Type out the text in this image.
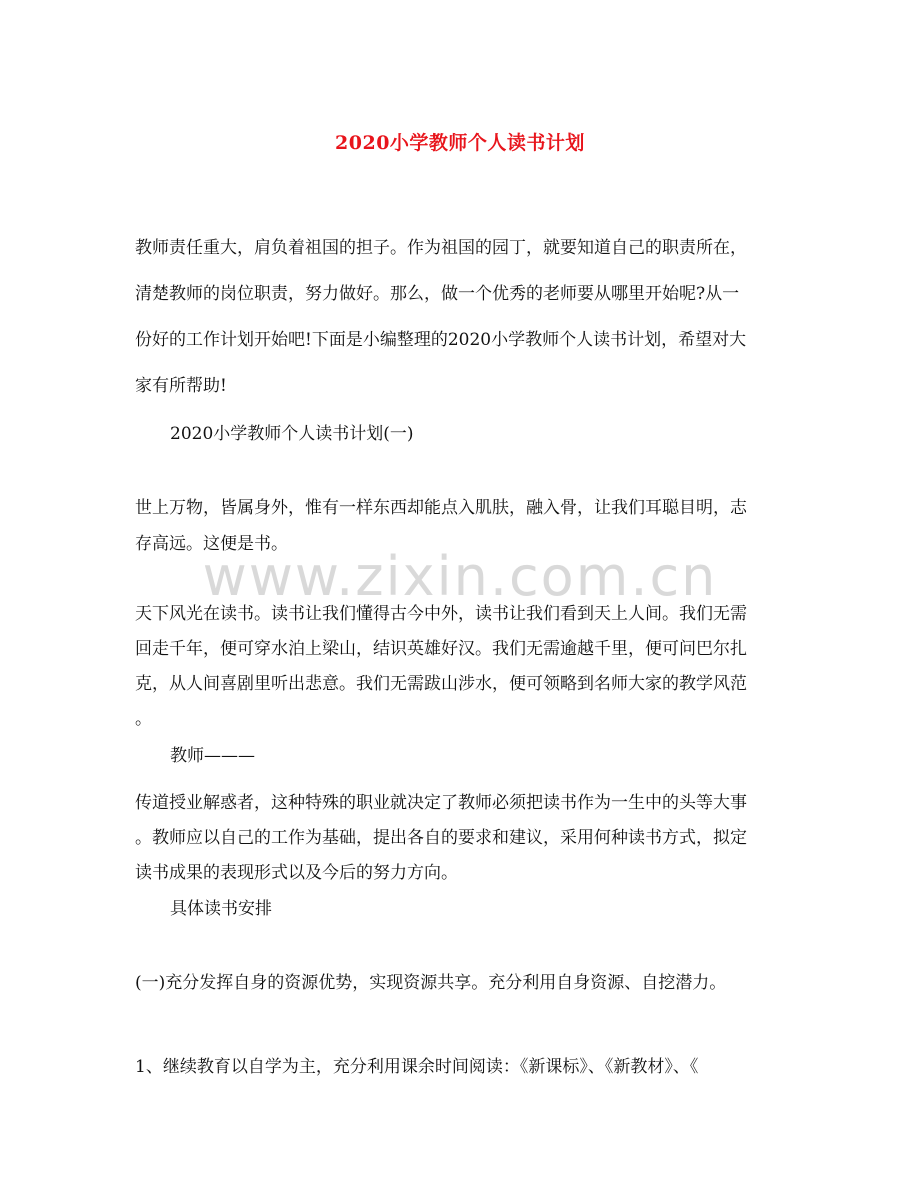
www.zixin.com.cn
2020小学教师个人读书计划
教师责任重大，肩负着祖国的担子。作为祖国的园丁，就要知道自己的职责所在，
清楚教师的岗位职责，努力做好。那么，做一个优秀的老师要从哪里开始呢?从一
份好的工作计划开始吧!下面是小编整理的2020小学教师个人读书计划，希望对大
家有所帮助!
2020小学教师个人读书计划(一)
世上万物，皆属身外，惟有一样东西却能点入肌肤，融入骨，让我们耳聪目明，志
存高远。这便是书。
天下风光在读书。读书让我们懂得古今中外，读书让我们看到天上人间。我们无需
回走千年，便可穿水泊上梁山，结识英雄好汉。我们无需逾越千里，便可问巴尔扎
克，从人间喜剧里听出悲意。我们无需跋山涉水，便可领略到名师大家的教学风范
。
教师———
传道授业解惑者，这种特殊的职业就决定了教师必须把读书作为一生中的头等大事
。教师应以自己的工作为基础，提出各自的要求和建议，采用何种读书方式，拟定
读书成果的表现形式以及今后的努力方向。
具体读书安排
(一)充分发挥自身的资源优势，实现资源共享。充分利用自身资源、自挖潜力。
1、继续教育以自学为主，充分利用课余时间阅读：《新课标》、《新教材》、《
